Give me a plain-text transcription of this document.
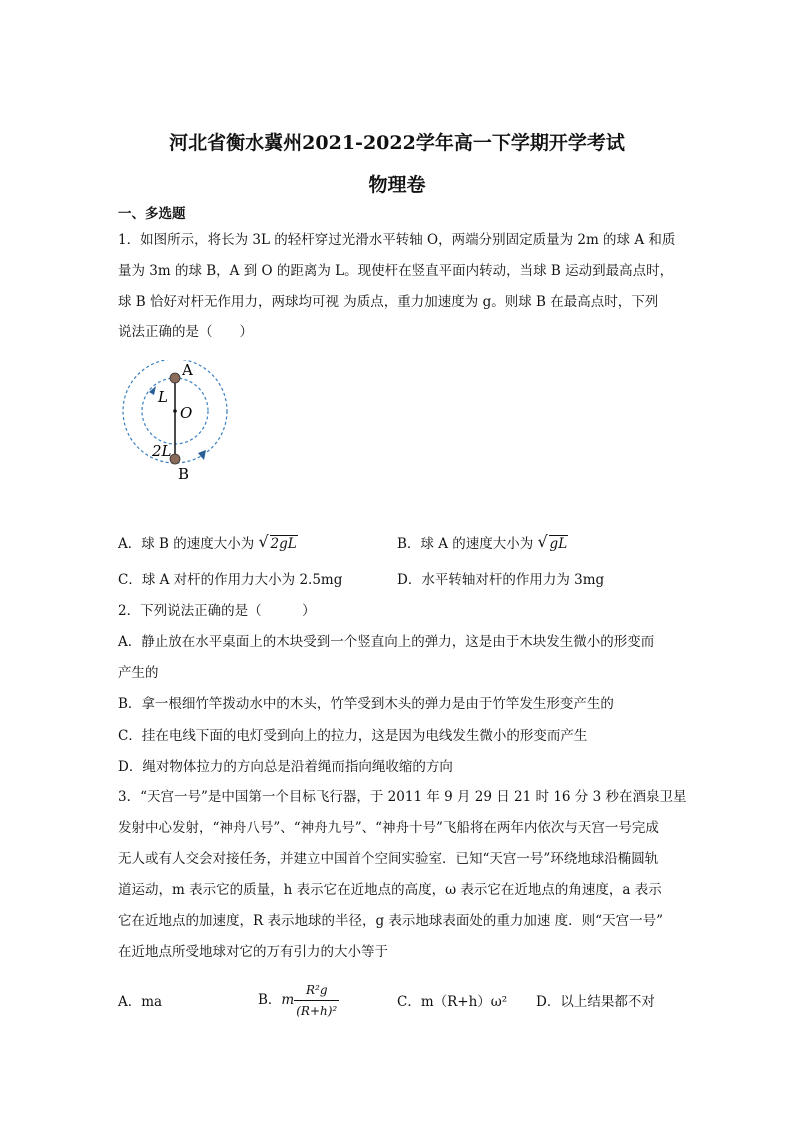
河北省衡水冀州2021-2022学年高一下学期开学考试
物理卷
一、多选题
1．如图所示，将长为 3L 的轻杆穿过光滑水平转轴 O，两端分别固定质量为 2m 的球 A 和质
量为 3m 的球 B，A 到 O 的距离为 L。现使杆在竖直平面内转动，当球 B 运动到最高点时，
球 B 恰好对杆无作用力，两球均可视 为质点，重力加速度为 g。则球 B 在最高点时，下列
说法正确的是（　　）
A
B
O
L
2L
A．球 B 的速度大小为 √ 2gL	B．球 A 的速度大小为 √ gL
C．球 A 对杆的作用力大小为 2.5mg	D．水平转轴对杆的作用力为 3mg
2．下列说法正确的是（　　　）
A．静止放在水平桌面上的木块受到一个竖直向上的弹力，这是由于木块发生微小的形变而
产生的
B．拿一根细竹竿拨动水中的木头，竹竿受到木头的弹力是由于竹竿发生形变产生的
C．挂在电线下面的电灯受到向上的拉力，这是因为电线发生微小的形变而产生
D．绳对物体拉力的方向总是沿着绳而指向绳收缩的方向
3．“天宫一号”是中国第一个目标飞行器，于 2011 年 9 月 29 日 21 时 16 分 3 秒在酒泉卫星
发射中心发射，“神舟八号”、“神舟九号”、“神舟十号”飞船将在两年内依次与天宫一号完成
无人或有人交会对接任务，并建立中国首个空间实验室．已知“天宫一号”环绕地球沿椭圆轨
道运动，m 表示它的质量，h 表示它在近地点的高度，ω 表示它在近地点的角速度，a 表示
它在近地点的加速度，R 表示地球的半径，g 表示地球表面处的重力加速 度．则“天宫一号”
在近地点所受地球对它的万有引力的大小等于
A．ma	B．m $\frac{\text{R²g}}{\text{(R+h)²}}$	C．m（R+h）ω² D．以上结果都不对
